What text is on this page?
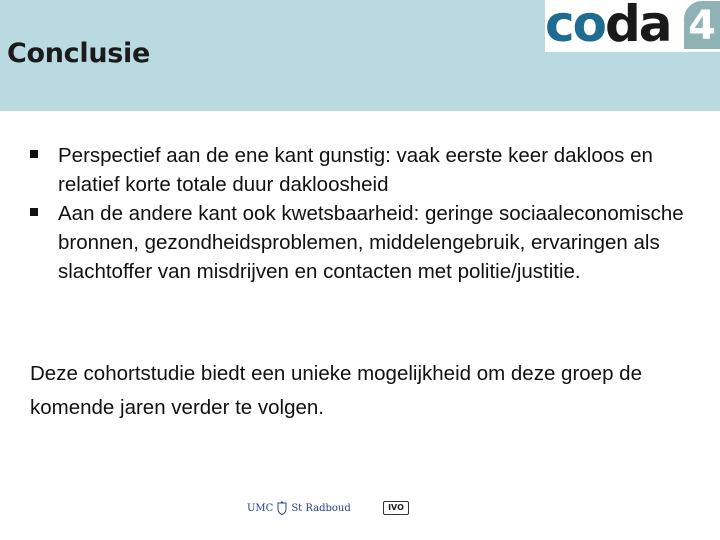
Conclusie
coda 4
Perspectief aan de ene kant gunstig: vaak eerste keer dakloos en relatief korte totale duur dakloosheid
Aan de andere kant ook kwetsbaarheid: geringe sociaaleconomische bronnen, gezondheidsproblemen, middelengebruik, ervaringen als slachtoffer van misdrijven en contacten met politie/justitie.
Deze cohortstudie biedt een unieke mogelijkheid om deze groep de komende jaren verder te volgen.
UMC St Radboud	IVO
